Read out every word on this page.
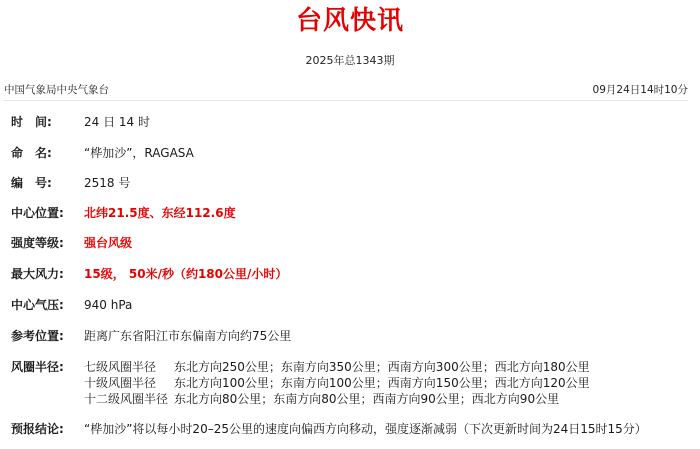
台风快讯
2025年总1343期
中国气象局中央气象台	09月24日14时10分
时　间:	24 日 14 时
命　名:	“桦加沙”，RAGASA
编　号:	2518 号
中心位置: 北纬21.5度、东经112.6度
强度等级: 强台风级
最大风力: 15级， 50米/秒（约180公里/小时）
中心气压: 940 hPa
参考位置: 距离广东省阳江市东偏南方向约75公里
风圈半径: 七级风圈半径 东北方向250公里；东南方向350公里；西南方向300公里；西北方向180公里
十级风圈半径 东北方向100公里；东南方向100公里；西南方向150公里；西北方向120公里
十二级风圈半径 东北方向80公里；东南方向80公里；西南方向90公里；西北方向90公里
预报结论: “桦加沙”将以每小时20–25公里的速度向偏西方向移动，强度逐渐减弱（下次更新时间为24日15时15分）
